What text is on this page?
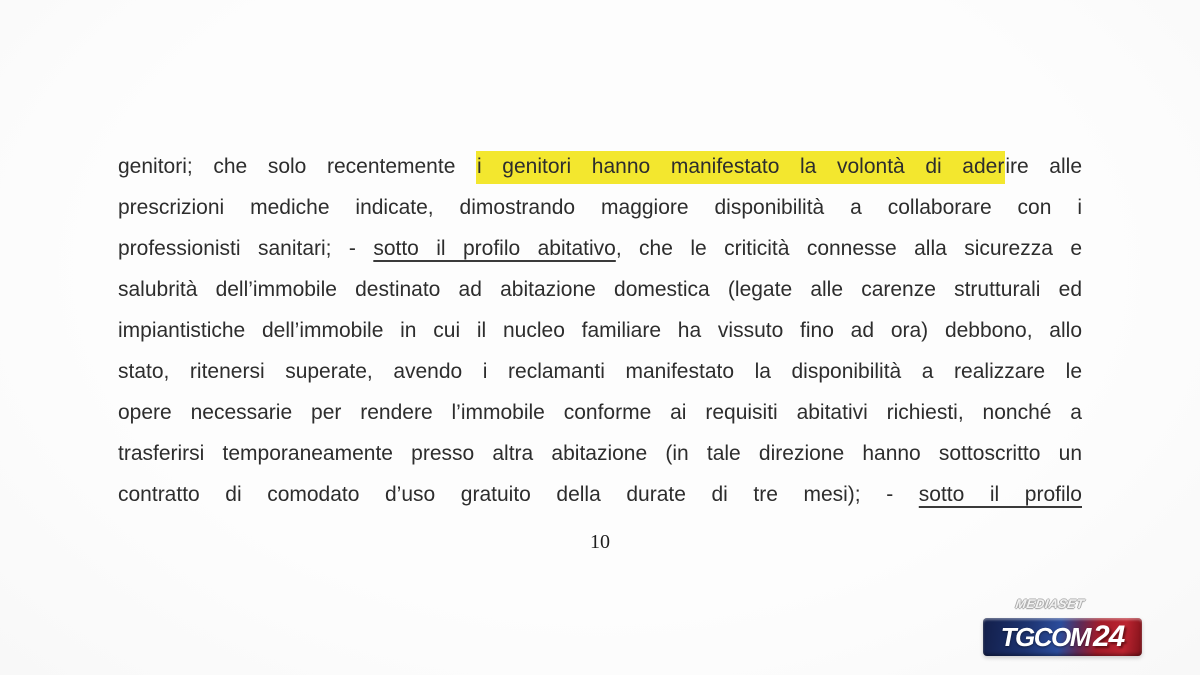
genitori; che solo recentemente i genitori hanno manifestato la volontà di aderire alle
prescrizioni mediche indicate, dimostrando maggiore disponibilità a collaborare con i
professionisti sanitari; - sotto il profilo abitativo, che le criticità connesse alla sicurezza e
salubrità dell’immobile destinato ad abitazione domestica (legate alle carenze strutturali ed
impiantistiche dell’immobile in cui il nucleo familiare ha vissuto fino ad ora) debbono, allo
stato, ritenersi superate, avendo i reclamanti manifestato la disponibilità a realizzare le
opere necessarie per rendere l’immobile conforme ai requisiti abitativi richiesti, nonché a
trasferirsi temporaneamente presso altra abitazione (in tale direzione hanno sottoscritto un
contratto di comodato d’uso gratuito della durate di tre mesi); - sotto il profilo
10
MEDIASET
TGCOM 24
